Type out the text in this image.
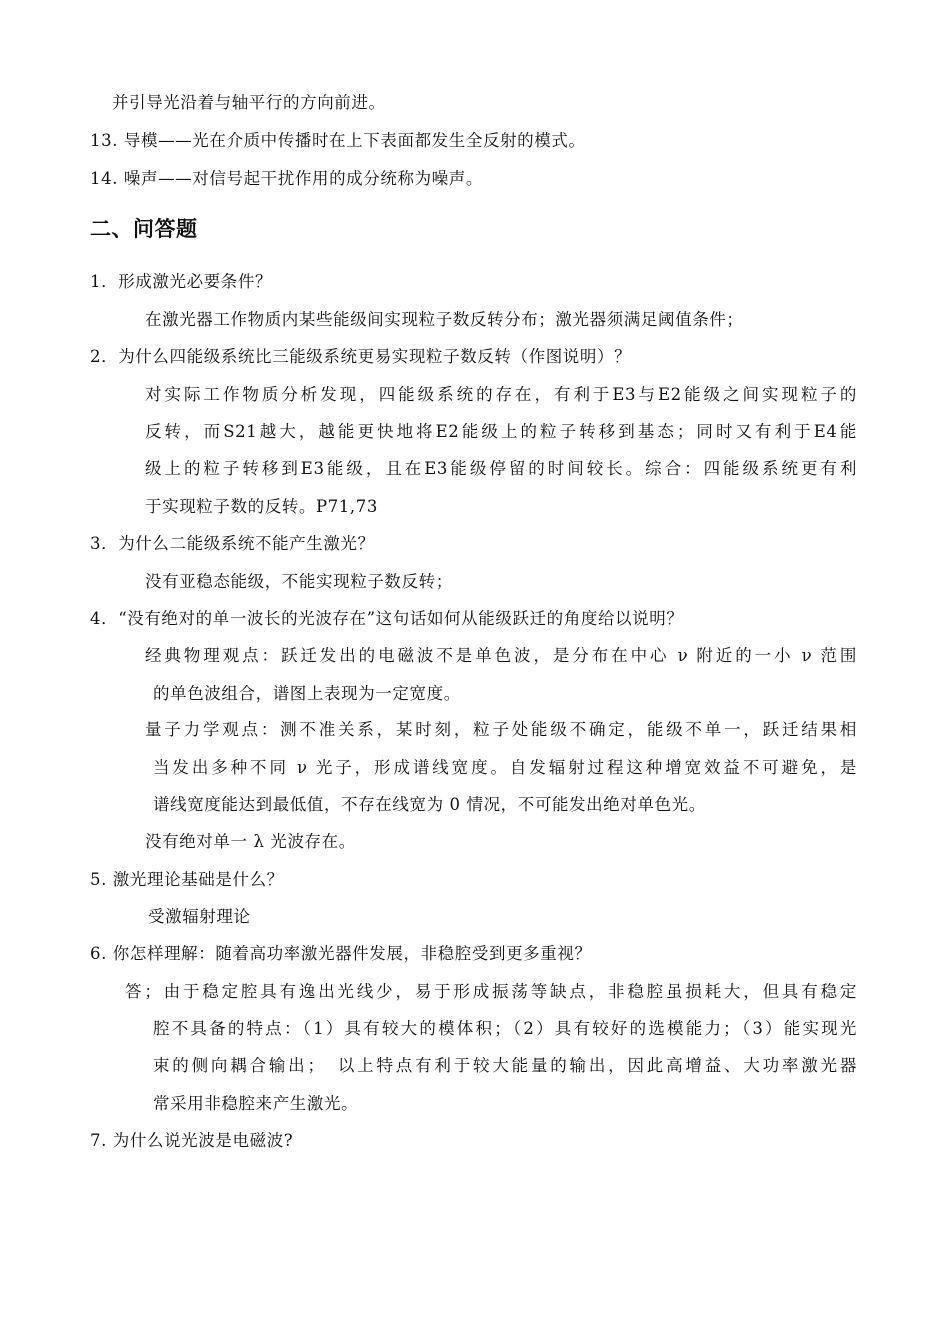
并引导光沿着与轴平行的方向前进。
13. 导模——光在介质中传播时在上下表面都发生全反射的模式。
14. 噪声——对信号起干扰作用的成分统称为噪声。
二、问答题
1．形成激光必要条件？
在激光器工作物质内某些能级间实现粒子数反转分布；激光器须满足阈值条件；
2．为什么四能级系统比三能级系统更易实现粒子数反转（作图说明）？
对实际工作物质分析发现，四能级系统的存在，有利于E3与E2能级之间实现粒子的
反转，而S21越大，越能更快地将E2能级上的粒子转移到基态；同时又有利于E4能
级上的粒子转移到E3能级，且在E3能级停留的时间较长。综合：四能级系统更有利
于实现粒子数的反转。P71,73
3．为什么二能级系统不能产生激光？
没有亚稳态能级，不能实现粒子数反转；
4．“没有绝对的单一波长的光波存在”这句话如何从能级跃迁的角度给以说明？
经典物理观点：跃迁发出的电磁波不是单色波，是分布在中心 ν 附近的一小 ν 范围
的单色波组合，谱图上表现为一定宽度。
量子力学观点：测不准关系，某时刻，粒子处能级不确定，能级不单一，跃迁结果相
当发出多种不同 ν 光子，形成谱线宽度。自发辐射过程这种增宽效益不可避免，是
谱线宽度能达到最低值，不存在线宽为 0 情况，不可能发出绝对单色光。
没有绝对单一 λ 光波存在。
5. 激光理论基础是什么？
受激辐射理论
6. 你怎样理解：随着高功率激光器件发展，非稳腔受到更多重视？
答；由于稳定腔具有逸出光线少，易于形成振荡等缺点，非稳腔虽损耗大，但具有稳定
腔不具备的特点：（1）具有较大的模体积；（2）具有较好的选模能力；（3）能实现光
束的侧向耦合输出；　以上特点有利于较大能量的输出，因此高增益、大功率激光器
常采用非稳腔来产生激光。
7. 为什么说光波是电磁波?
